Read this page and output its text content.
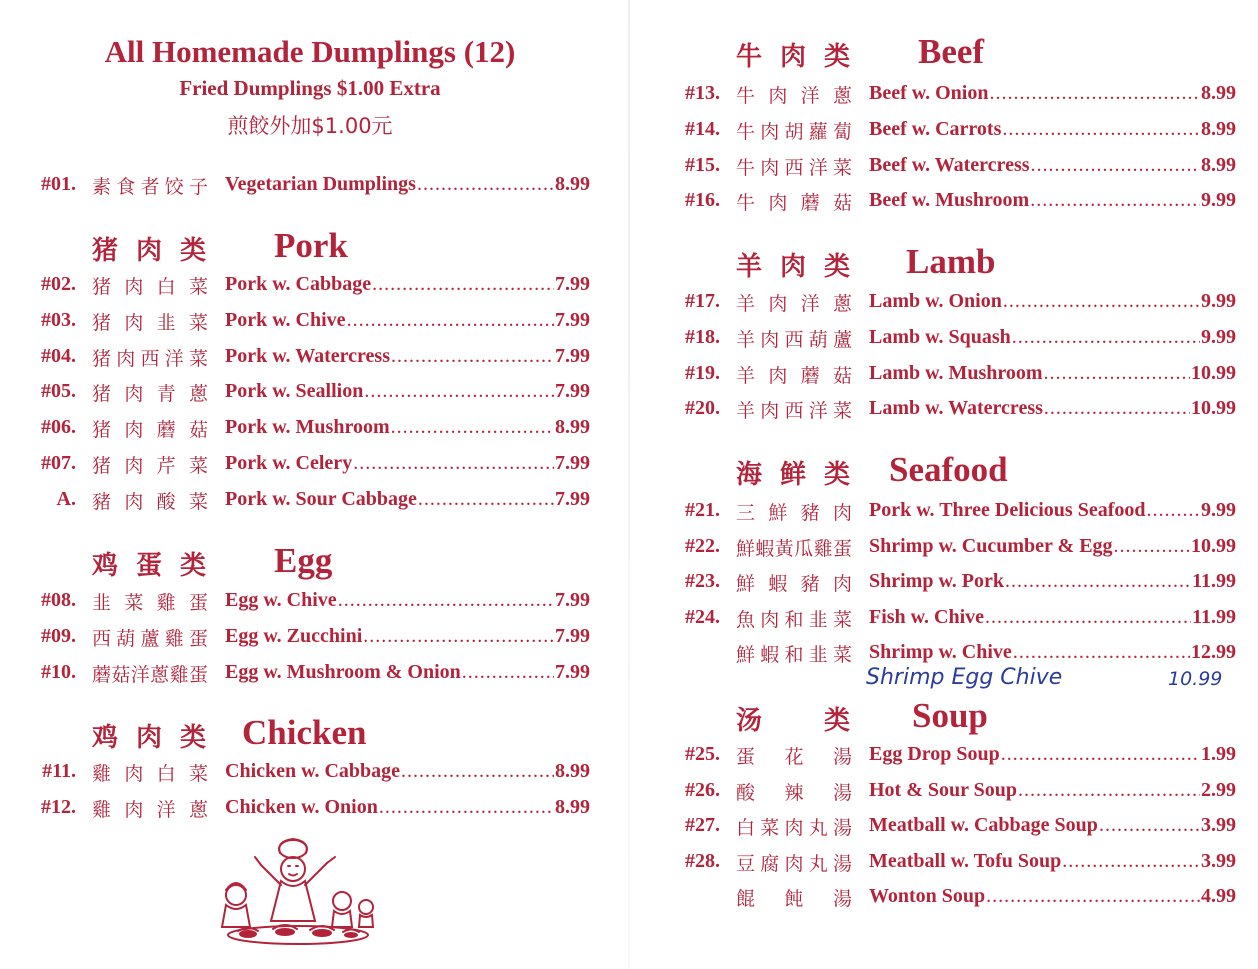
All Homemade Dumplings (12)
Fried Dumplings $1.00 Extra
煎餃外加$1.00元
#01. 素 食 者 饺 子 Vegetarian Dumplings .....	8.99
猪 肉 类 Pork
#02. 猪 肉 白 菜 Pork w. Cabbage .....	7.99
#03. 猪 肉 韭 菜 Pork w. Chive .....	7.99
#04. 猪 肉 西 洋 菜 Pork w. Watercress .....	7.99
#05. 猪 肉 青 蔥 Pork w. Seallion .....	7.99
#06. 猪 肉 蘑 菇 Pork w. Mushroom .....	8.99
#07. 猪 肉 芹 菜 Pork w. Celery .....	7.99
A. 豬 肉 酸 菜 Pork w. Sour Cabbage .....	7.99
鸡 蛋 类 Egg
#08. 韭 菜 雞 蛋 Egg w. Chive .....	7.99
#09. 西 葫 蘆 雞 蛋 Egg w. Zucchini .....	7.99
#10. 蘑 菇 洋 蔥 雞 蛋 Egg w. Mushroom & Onion .....	7.99
鸡 肉 类 Chicken
#11. 雞 肉 白 菜 Chicken w. Cabbage .....	8.99
#12. 雞 肉 洋 蔥 Chicken w. Onion .....	8.99
牛 肉 类 Beef
#13. 牛 肉 洋 蔥 Beef w. Onion .....	8.99
#14. 牛 肉 胡 蘿 蔔 Beef w. Carrots .....	8.99
#15. 牛 肉 西 洋 菜 Beef w. Watercress .....	8.99
#16. 牛 肉 蘑 菇 Beef w. Mushroom .....	9.99
羊 肉 类 Lamb
#17. 羊 肉 洋 蔥 Lamb w. Onion .....	9.99
#18. 羊 肉 西 葫 蘆 Lamb w. Squash .....	9.99
#19. 羊 肉 蘑 菇 Lamb w. Mushroom .....	10.99
#20. 羊 肉 西 洋 菜 Lamb w. Watercress .....	10.99
海 鲜 类 Seafood
#21. 三 鮮 豬 肉 Pork w. Three Delicious Seafood .....	9.99
#22. 鮮 蝦 黃 瓜 雞 蛋 Shrimp w. Cucumber & Egg .....	10.99
#23. 鮮 蝦 豬 肉 Shrimp w. Pork .....	11.99
#24. 魚 肉 和 韭 菜 Fish w. Chive .....	11.99
鮮 蝦 和 韭 菜 Shrimp w. Chive .....	12.99
Shrimp Egg Chive	10.99
汤 类 Soup
#25. 蛋 花 湯 Egg Drop Soup .....	1.99
#26. 酸 辣 湯 Hot & Sour Soup .....	2.99
#27. 白 菜 肉 丸 湯 Meatball w. Cabbage Soup .....	3.99
#28. 豆 腐 肉 丸 湯 Meatball w. Tofu Soup .....	3.99
餛 飩 湯 Wonton Soup .....	4.99
